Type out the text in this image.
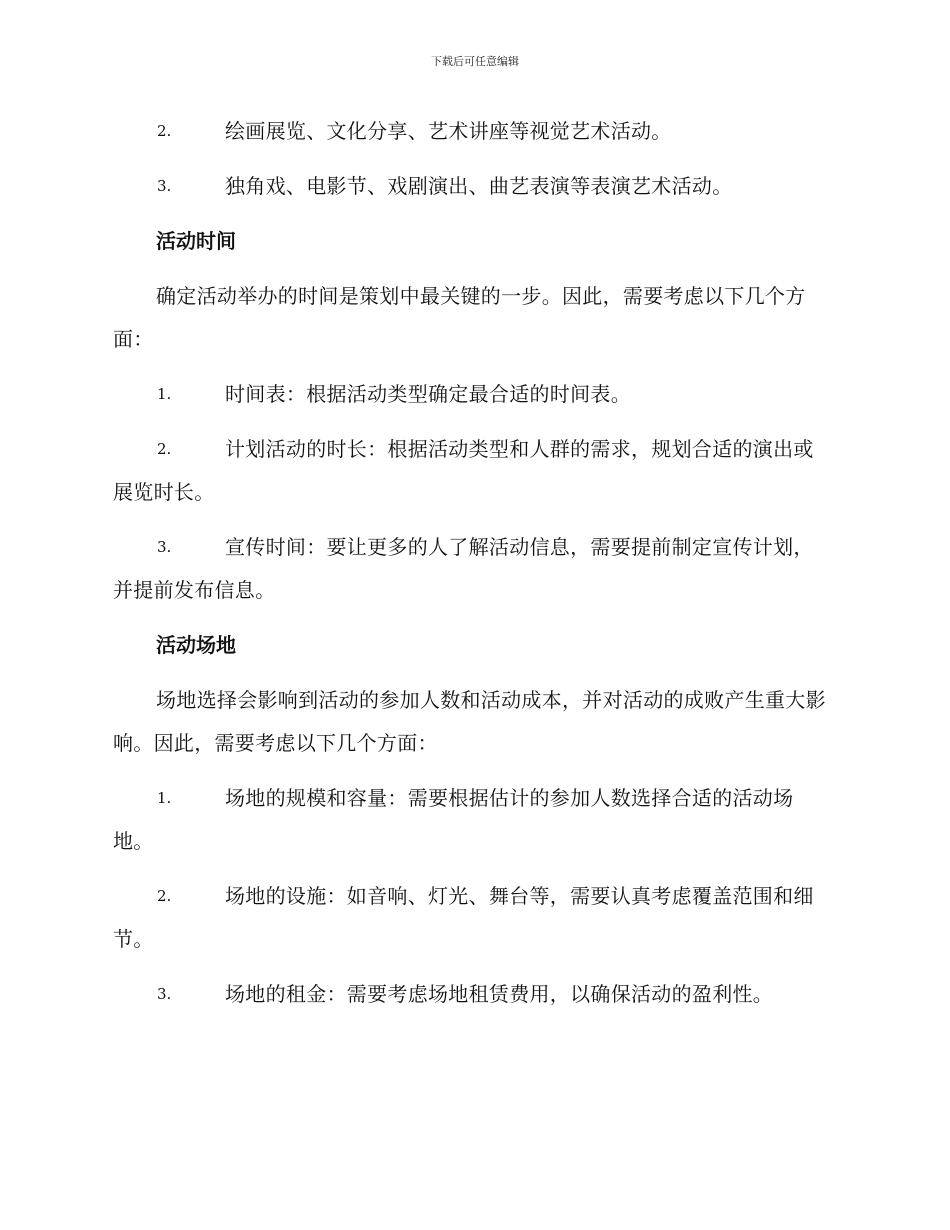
下载后可任意编辑
2.	绘画展览、文化分享、艺术讲座等视觉艺术活动。
3.	独角戏、电影节、戏剧演出、曲艺表演等表演艺术活动。
活动时间
确定活动举办的时间是策划中最关键的一步。因此，需要考虑以下几个方面：
1.	时间表：根据活动类型确定最合适的时间表。
2.	计划活动的时长：根据活动类型和人群的需求，规划合适的演出或展览时长。
3.	宣传时间：要让更多的人了解活动信息，需要提前制定宣传计划，并提前发布信息。
活动场地
场地选择会影响到活动的参加人数和活动成本，并对活动的成败产生重大影响。因此，需要考虑以下几个方面：
1.	场地的规模和容量：需要根据估计的参加人数选择合适的活动场地。
2.	场地的设施：如音响、灯光、舞台等，需要认真考虑覆盖范围和细节。
3.	场地的租金：需要考虑场地租赁费用，以确保活动的盈利性。
